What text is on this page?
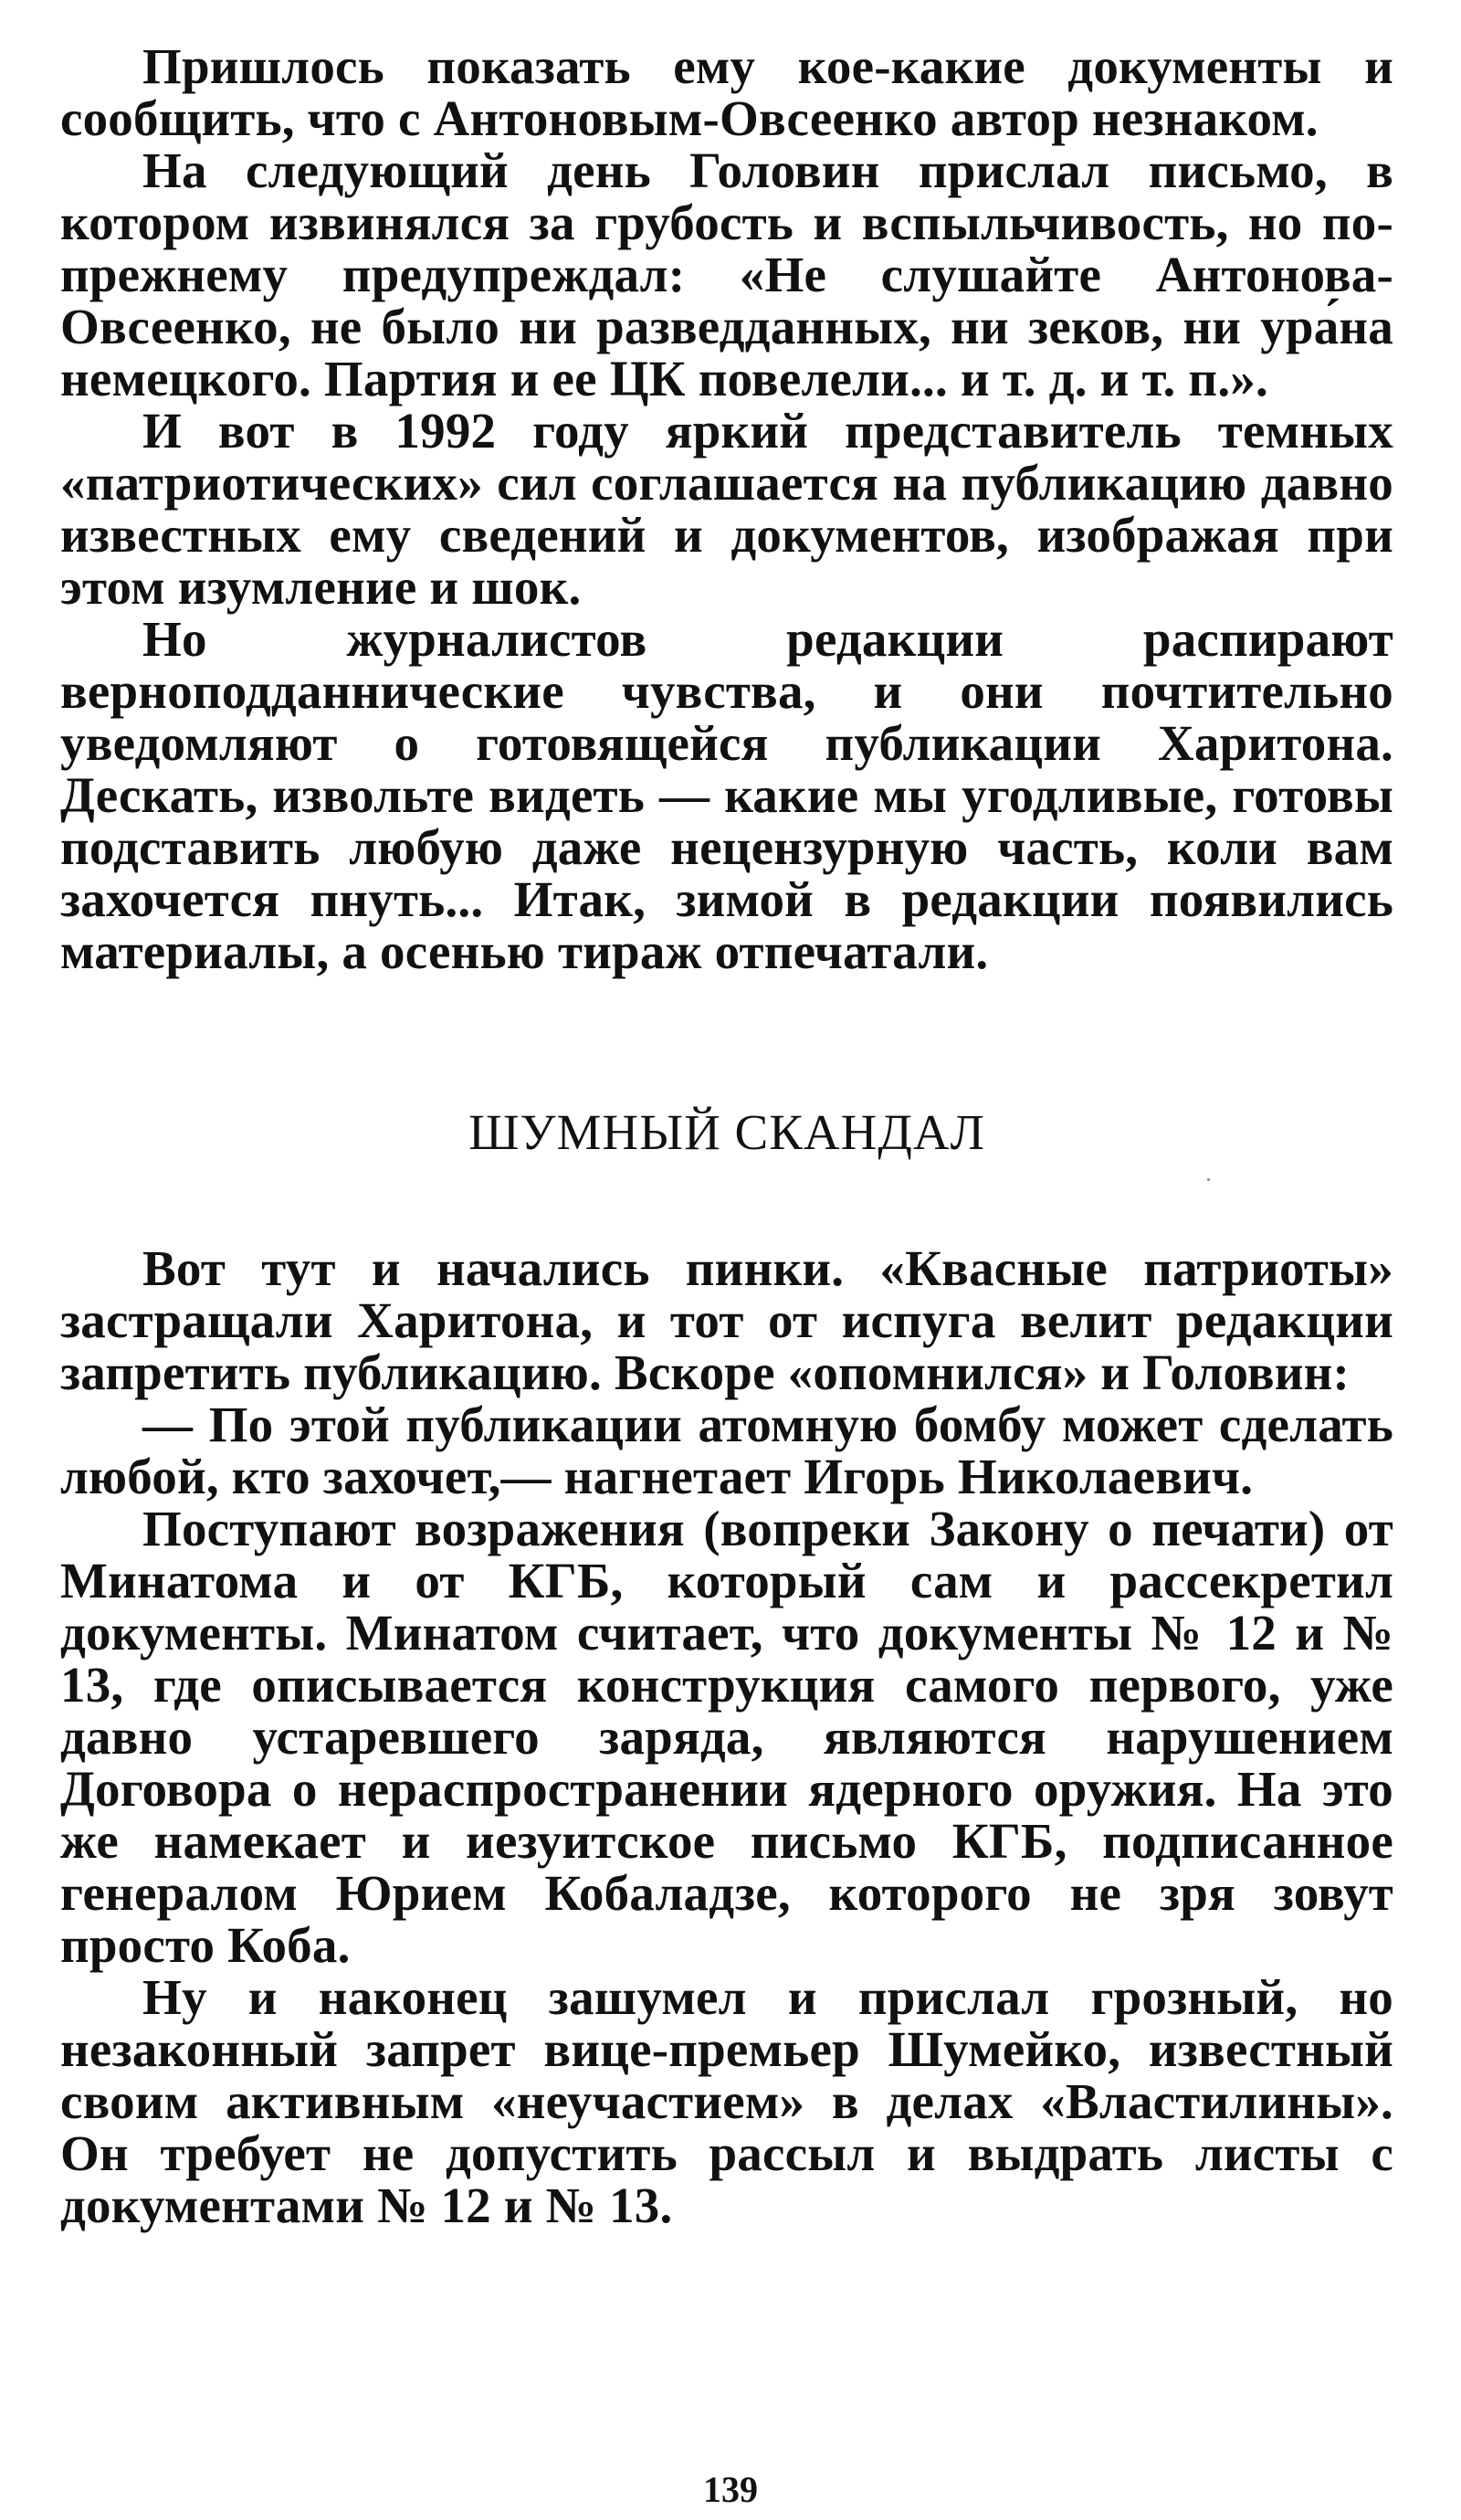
Пришлось показать ему кое-какие документы и сообщить, что с Антоновым-Овсеенко автор незнаком.

На следующий день Головин прислал письмо, в котором извинялся за грубость и вспыльчивость, но по-прежнему предупреждал: «Не слушайте Антонова-Овсеенко, не было ни разведданных, ни зеков, ни ура́на немецкого. Партия и ее ЦК повелели... и т. д. и т. п.».

И вот в 1992 году яркий представитель темных «патриотических» сил соглашается на публикацию давно известных ему сведений и документов, изображая при этом изумление и шок.

Но журналистов редакции распирают верноподданнические чувства, и они почтительно уведомляют о готовящейся публикации Харитона. Дескать, извольте видеть — какие мы угодливые, готовы подставить любую даже нецензурную часть, коли вам захочется пнуть... Итак, зимой в редакции появились материалы, а осенью тираж отпечатали.

ШУМНЫЙ СКАНДАЛ

Вот тут и начались пинки. «Квасные патриоты» застращали Харитона, и тот от испуга велит редакции запретить публикацию. Вскоре «опомнился» и Головин:

— По этой публикации атомную бомбу может сделать любой, кто захочет,— нагнетает Игорь Николаевич.

Поступают возражения (вопреки Закону о печати) от Минатома и от КГБ, который сам и рассекретил документы. Минатом считает, что документы № 12 и № 13, где описывается конструкция самого первого, уже давно устаревшего заряда, являются нарушением Договора о нераспространении ядерного оружия. На это же намекает и иезуитское письмо КГБ, подписанное генералом Юрием Кобаладзе, которого не зря зовут просто Коба.

Ну и наконец зашумел и прислал грозный, но незаконный запрет вице-премьер Шумейко, известный своим активным «неучастием» в делах «Властилины». Он требует не допустить рассыл и выдрать листы с документами № 12 и № 13.

139
